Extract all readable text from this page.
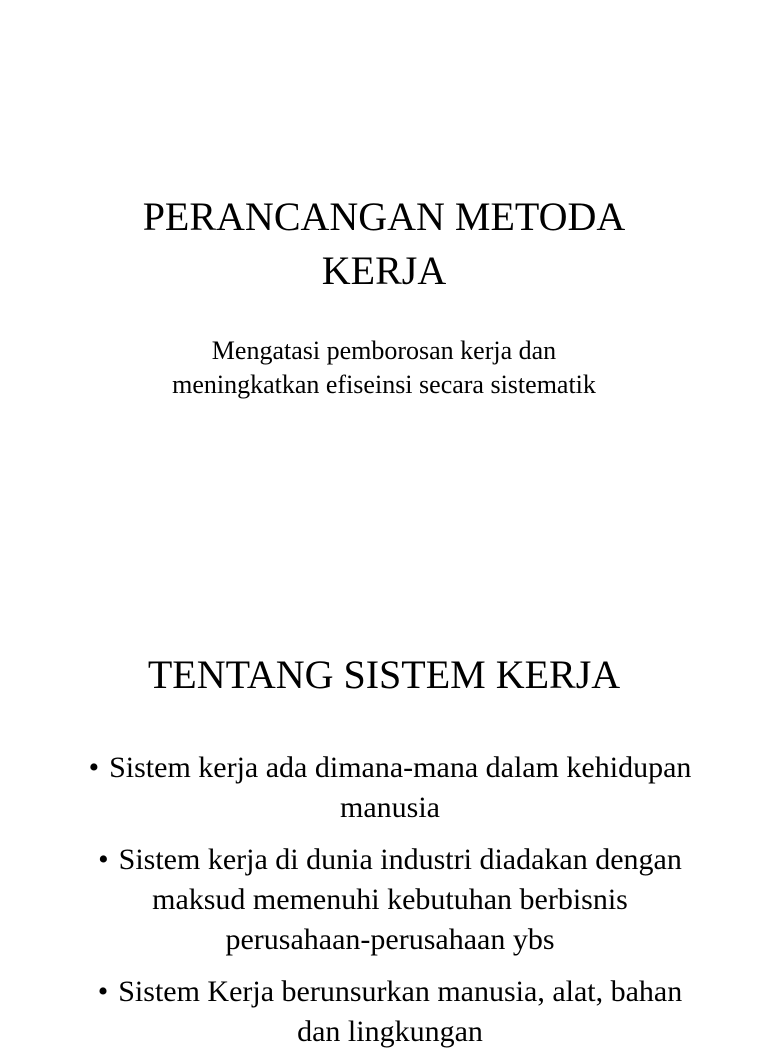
PERANCANGAN METODA
KERJA

Mengatasi pemborosan kerja dan
meningkatkan efiseinsi secara sistematik

TENTANG SISTEM KERJA
• Sistem kerja ada dimana-mana dalam kehidupan manusia
• Sistem kerja di dunia industri diadakan dengan maksud memenuhi kebutuhan berbisnis perusahaan-perusahaan ybs
• Sistem Kerja berunsurkan manusia, alat, bahan dan lingkungan
